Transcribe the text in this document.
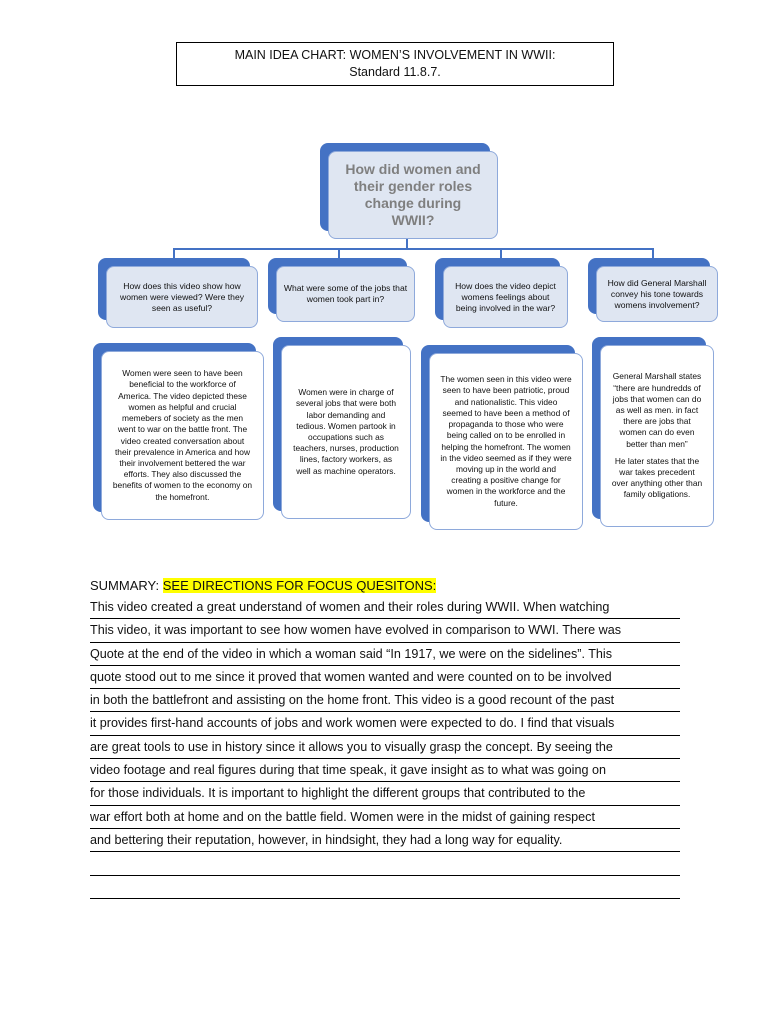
MAIN IDEA CHART: WOMEN’S INVOLVEMENT IN WWII:
Standard 11.8.7.
How did women and their gender roles change during WWII?
How does this video show how women were viewed? Were they seen as useful?
What were some of the jobs that women took part in?
How does the video depict womens feelings about being involved in the war?
How did General Marshall convey his tone towards womens involvement?
Women were seen to have been beneficial to the workforce of America. The video depicted these women as helpful and crucial memebers of society as the men went to war on the battle front. The video created conversation about their prevalence in America and how their involvement bettered the war efforts. They also discussed the benefits of women to the economy on the homefront.
Women were in charge of several jobs that were both labor demanding and tedious. Women partook in occupations such as teachers, nurses, production lines, factory workers, as well as machine operators.
The women seen in this video were seen to have been patriotic, proud and nationalistic. This video seemed to have been a method of propaganda to those who were being called on to be enrolled in helping the homefront. The women in the video seemed as if they were moving up in the world and creating a positive change for women in the workforce and the future.
General Marshall states “there are hundredds of jobs that women can do as well as men. in fact there are jobs that women can do even better than men”
He later states that the war takes precedent over anything other than family obligations.
SUMMARY: SEE DIRECTIONS FOR FOCUS QUESITONS:
This video created a great understand of women and their roles during WWII. When watching
This video, it was important to see how women have evolved in comparison to WWI. There was
Quote at the end of the video in which a woman said “In 1917, we were on the sidelines”. This
quote stood out to me since it proved that women wanted and were counted on to be involved
in both the battlefront and assisting on the home front. This video is a good recount of the past
it provides first-hand accounts of jobs and work women were expected to do. I find that visuals
are great tools to use in history since it allows you to visually grasp the concept. By seeing the
video footage and real figures during that time speak, it gave insight as to what was going on
for those individuals. It is important to highlight the different groups that contributed to the
war effort both at home and on the battle field. Women were in the midst of gaining respect
and bettering their reputation, however, in hindsight, they had a long way for equality.
